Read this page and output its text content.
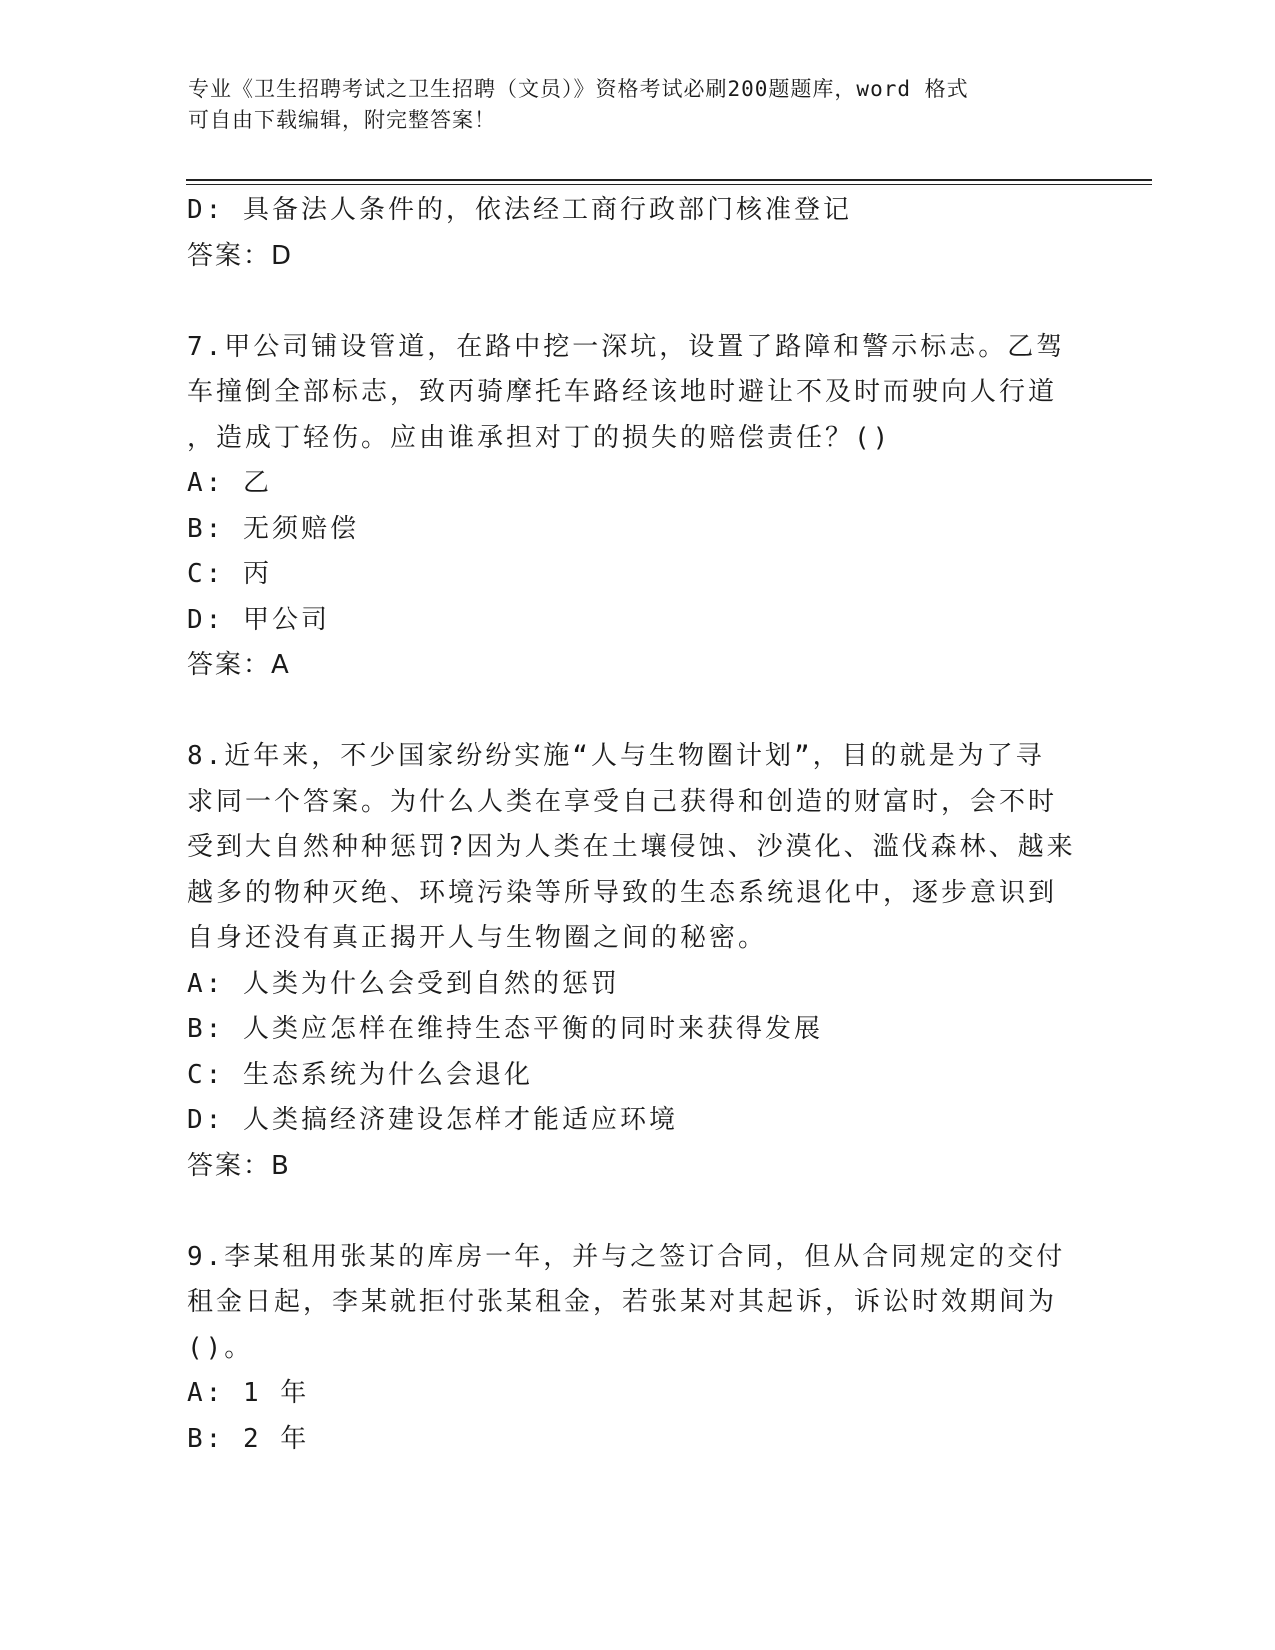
专业《卫生招聘考试之卫生招聘（文员）》资格考试必刷200题题库，word 格式
可自由下载编辑，附完整答案！
D: 具备法人条件的，依法经工商行政部门核准登记
答案：D
7.甲公司铺设管道，在路中挖一深坑，设置了路障和警示标志。乙驾
车撞倒全部标志，致丙骑摩托车路经该地时避让不及时而驶向人行道
，造成丁轻伤。应由谁承担对丁的损失的赔偿责任？()
A: 乙
B: 无须赔偿
C: 丙
D: 甲公司
答案：A
8.近年来，不少国家纷纷实施“人与生物圈计划”，目的就是为了寻
求同一个答案。为什么人类在享受自己获得和创造的财富时，会不时
受到大自然种种惩罚?因为人类在土壤侵蚀、沙漠化、滥伐森林、越来
越多的物种灭绝、环境污染等所导致的生态系统退化中，逐步意识到
自身还没有真正揭开人与生物圈之间的秘密。
A: 人类为什么会受到自然的惩罚
B: 人类应怎样在维持生态平衡的同时来获得发展
C: 生态系统为什么会退化
D: 人类搞经济建设怎样才能适应环境
答案：B
9.李某租用张某的库房一年，并与之签订合同，但从合同规定的交付
租金日起，李某就拒付张某租金，若张某对其起诉，诉讼时效期间为
()。
A: 1 年
B: 2 年
